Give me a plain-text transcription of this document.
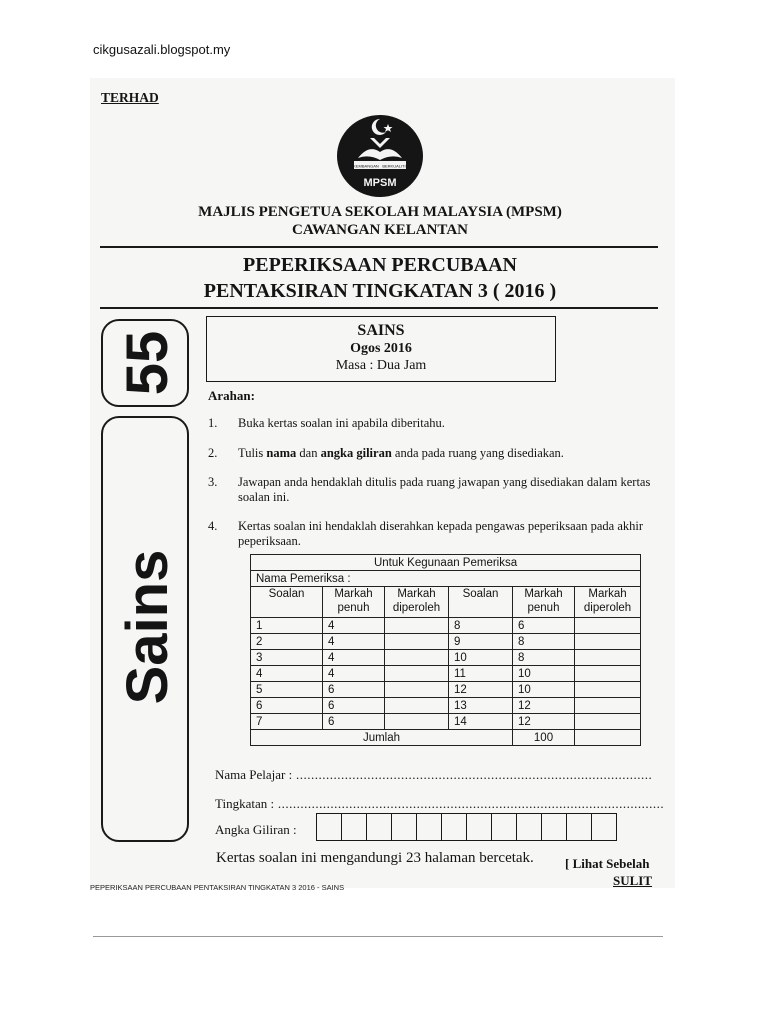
cikgusazali.blogspot.my
TERHAD
KEMBANGAN BERKUALITI
MPSM
MAJLIS PENGETUA SEKOLAH MALAYSIA (MPSM)
CAWANGAN KELANTAN
PEPERIKSAAN PERCUBAAN
PENTAKSIRAN TINGKATAN 3 ( 2016 )
55
Sains
SAINS
Ogos 2016
Masa : Dua Jam
Arahan:
1.	Buka kertas soalan ini apabila diberitahu.
2.	Tulis nama dan angka giliran anda pada ruang yang disediakan.
3.	Jawapan anda hendaklah ditulis pada ruang jawapan yang disediakan dalam kertas soalan ini.
4.	Kertas soalan ini hendaklah diserahkan kepada pengawas peperiksaan pada akhir peperiksaan.
Untuk Kegunaan Pemeriksa					
Nama Pemeriksa :					
Soalan	Markah penuh	Markah diperoleh	Soalan	Markah penuh	Markah diperoleh
1	4		8	6	
2	4		9	8	
3	4		10	8	
4	4		11	10	
5	6		12	10	
6	6		13	12	
7	6		14	12	
Jumlah				100	
Nama Pelajar : ...............................................................................................
Tingkatan : .......................................................................................................
Angka Giliran :
Kertas soalan ini mengandungi 23 halaman bercetak. [ Lihat Sebelah
SULIT
PEPERIKSAAN PERCUBAAN PENTAKSIRAN TINGKATAN 3 2016 - SAINS
